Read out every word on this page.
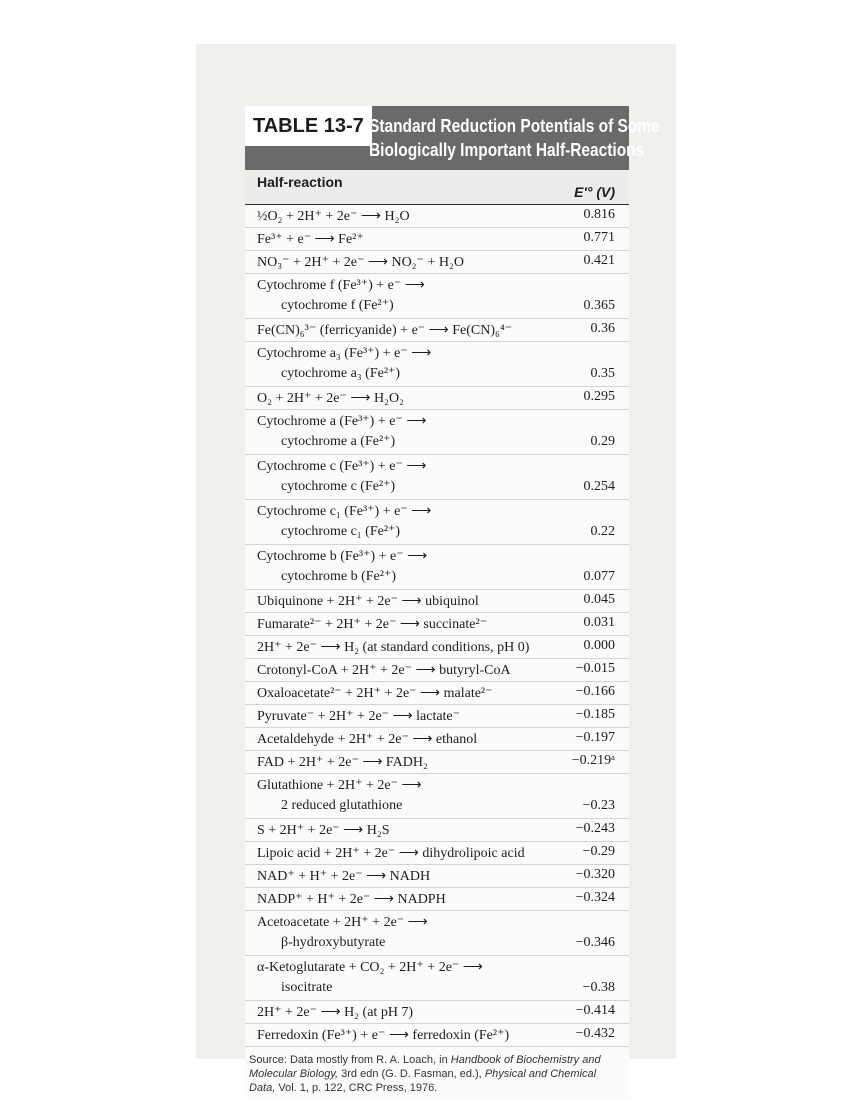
TABLE 13-7 Standard Reduction Potentials of Some
Biologically Important Half-Reactions
Half-reaction
E′° (V)
½O₂ + 2H⁺ + 2e⁻ ⟶ H₂O	0.816
Fe³⁺ + e⁻ ⟶ Fe²⁺	0.771
NO₃⁻ + 2H⁺ + 2e⁻ ⟶ NO₂⁻ + H₂O	0.421
Cytochrome f (Fe³⁺) + e⁻ ⟶
cytochrome f (Fe²⁺)	0.365
Fe(CN)₆³⁻ (ferricyanide) + e⁻ ⟶ Fe(CN)₆⁴⁻	0.36
Cytochrome a₃ (Fe³⁺) + e⁻ ⟶
cytochrome a₃ (Fe²⁺)	0.35
O₂ + 2H⁺ + 2e⁻ ⟶ H₂O₂	0.295
Cytochrome a (Fe³⁺) + e⁻ ⟶
cytochrome a (Fe²⁺)	0.29
Cytochrome c (Fe³⁺) + e⁻ ⟶
cytochrome c (Fe²⁺)	0.254
Cytochrome c₁ (Fe³⁺) + e⁻ ⟶
cytochrome c₁ (Fe²⁺)	0.22
Cytochrome b (Fe³⁺) + e⁻ ⟶
cytochrome b (Fe²⁺)	0.077
Ubiquinone + 2H⁺ + 2e⁻ ⟶ ubiquinol	0.045
Fumarate²⁻ + 2H⁺ + 2e⁻ ⟶ succinate²⁻	0.031
2H⁺ + 2e⁻ ⟶ H₂ (at standard conditions, pH 0)	0.000
Crotonyl-CoA + 2H⁺ + 2e⁻ ⟶ butyryl-CoA	−0.015
Oxaloacetate²⁻ + 2H⁺ + 2e⁻ ⟶ malate²⁻	−0.166
Pyruvate⁻ + 2H⁺ + 2e⁻ ⟶ lactate⁻	−0.185
Acetaldehyde + 2H⁺ + 2e⁻ ⟶ ethanol	−0.197
FAD + 2H⁺ + 2e⁻ ⟶ FADH₂	−0.219ᵃ
Glutathione + 2H⁺ + 2e⁻ ⟶
2 reduced glutathione	−0.23
S + 2H⁺ + 2e⁻ ⟶ H₂S	−0.243
Lipoic acid + 2H⁺ + 2e⁻ ⟶ dihydrolipoic acid	−0.29
NAD⁺ + H⁺ + 2e⁻ ⟶ NADH	−0.320
NADP⁺ + H⁺ + 2e⁻ ⟶ NADPH	−0.324
Acetoacetate + 2H⁺ + 2e⁻ ⟶
β-hydroxybutyrate	−0.346
α-Ketoglutarate + CO₂ + 2H⁺ + 2e⁻ ⟶
isocitrate	−0.38
2H⁺ + 2e⁻ ⟶ H₂ (at pH 7)	−0.414
Ferredoxin (Fe³⁺) + e⁻ ⟶ ferredoxin (Fe²⁺)	−0.432
Source: Data mostly from R. A. Loach, in Handbook of Biochemistry and Molecular Biology, 3rd edn (G. D. Fasman, ed.), Physical and Chemical Data, Vol. 1, p. 122, CRC Press, 1976.
